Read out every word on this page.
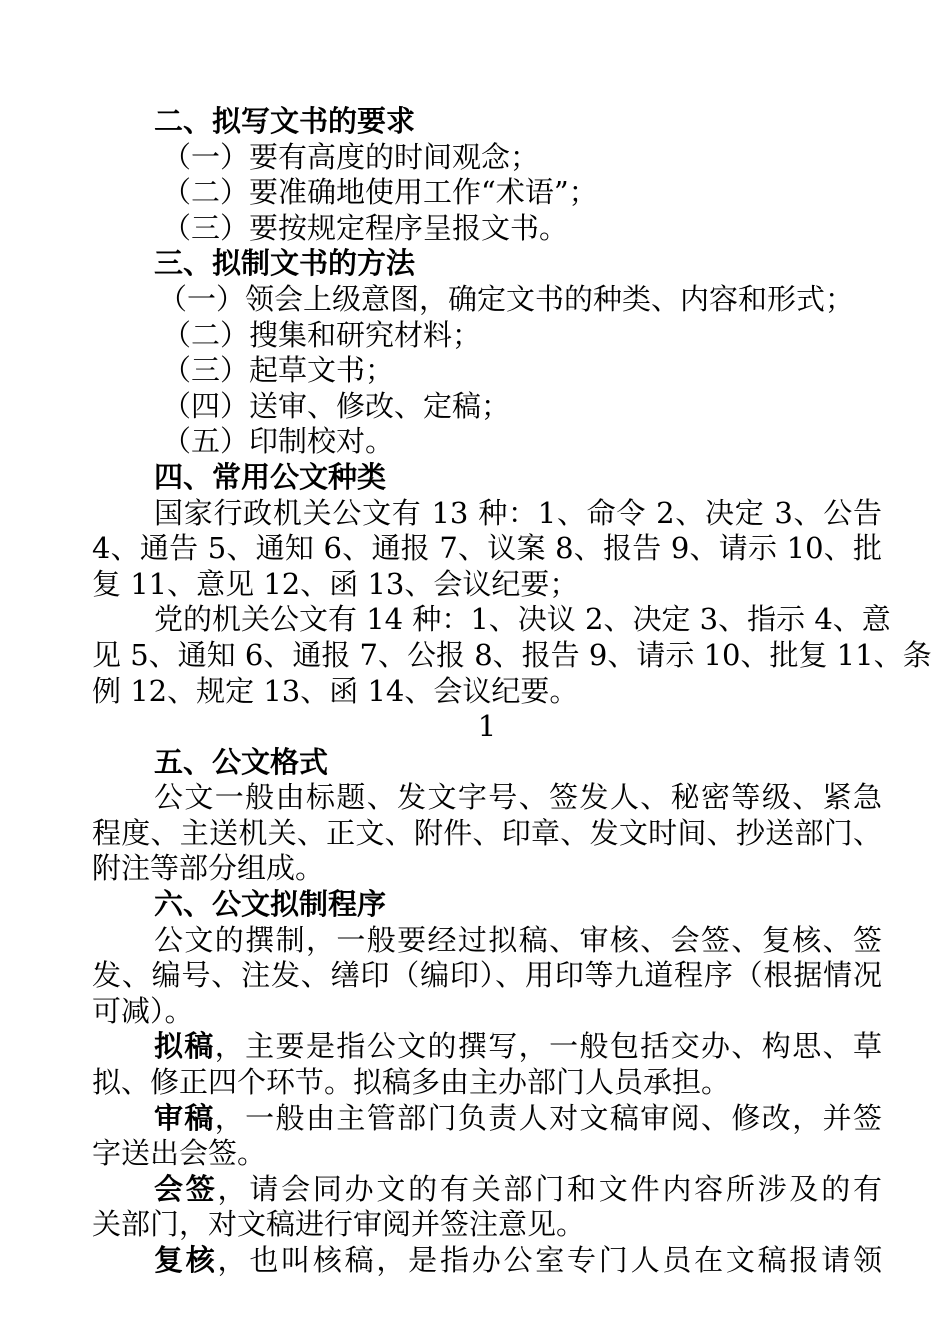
二、拟写文书的要求

（一）要有高度的时间观念；

（二）要准确地使用工作“术语”；

（三）要按规定程序呈报文书。

三、拟制文书的方法

（一）领会上级意图，确定文书的种类、内容和形式；

（二）搜集和研究材料；

（三）起草文书；

（四）送审、修改、定稿；

（五）印制校对。

四、常用公文种类

国家行政机关公文有 13 种：1、命令 2、决定 3、公告

4、通告 5、通知 6、通报 7、议案 8、报告 9、请示 10、批

复 11、意见 12、函 13、会议纪要；

党的机关公文有 14 种：1、决议 2、决定 3、指示 4、意

见 5、通知 6、通报 7、公报 8、报告 9、请示 10、批复 11、条

例 12、规定 13、函 14、会议纪要。

1

五、公文格式

公文一般由标题、发文字号、签发人、秘密等级、紧急

程度、主送机关、正文、附件、印章、发文时间、抄送部门、

附注等部分组成。

六、公文拟制程序

公文的撰制，一般要经过拟稿、审核、会签、复核、签

发、编号、注发、缮印（编印）、用印等九道程序（根据情况

可减）。

拟稿，主要是指公文的撰写，一般包括交办、构思、草

拟、修正四个环节。拟稿多由主办部门人员承担。

审稿，一般由主管部门负责人对文稿审阅、修改，并签

字送出会签。

会签，请会同办文的有关部门和文件内容所涉及的有

关部门，对文稿进行审阅并签注意见。

复核，也叫核稿，是指办公室专门人员在文稿报请领
